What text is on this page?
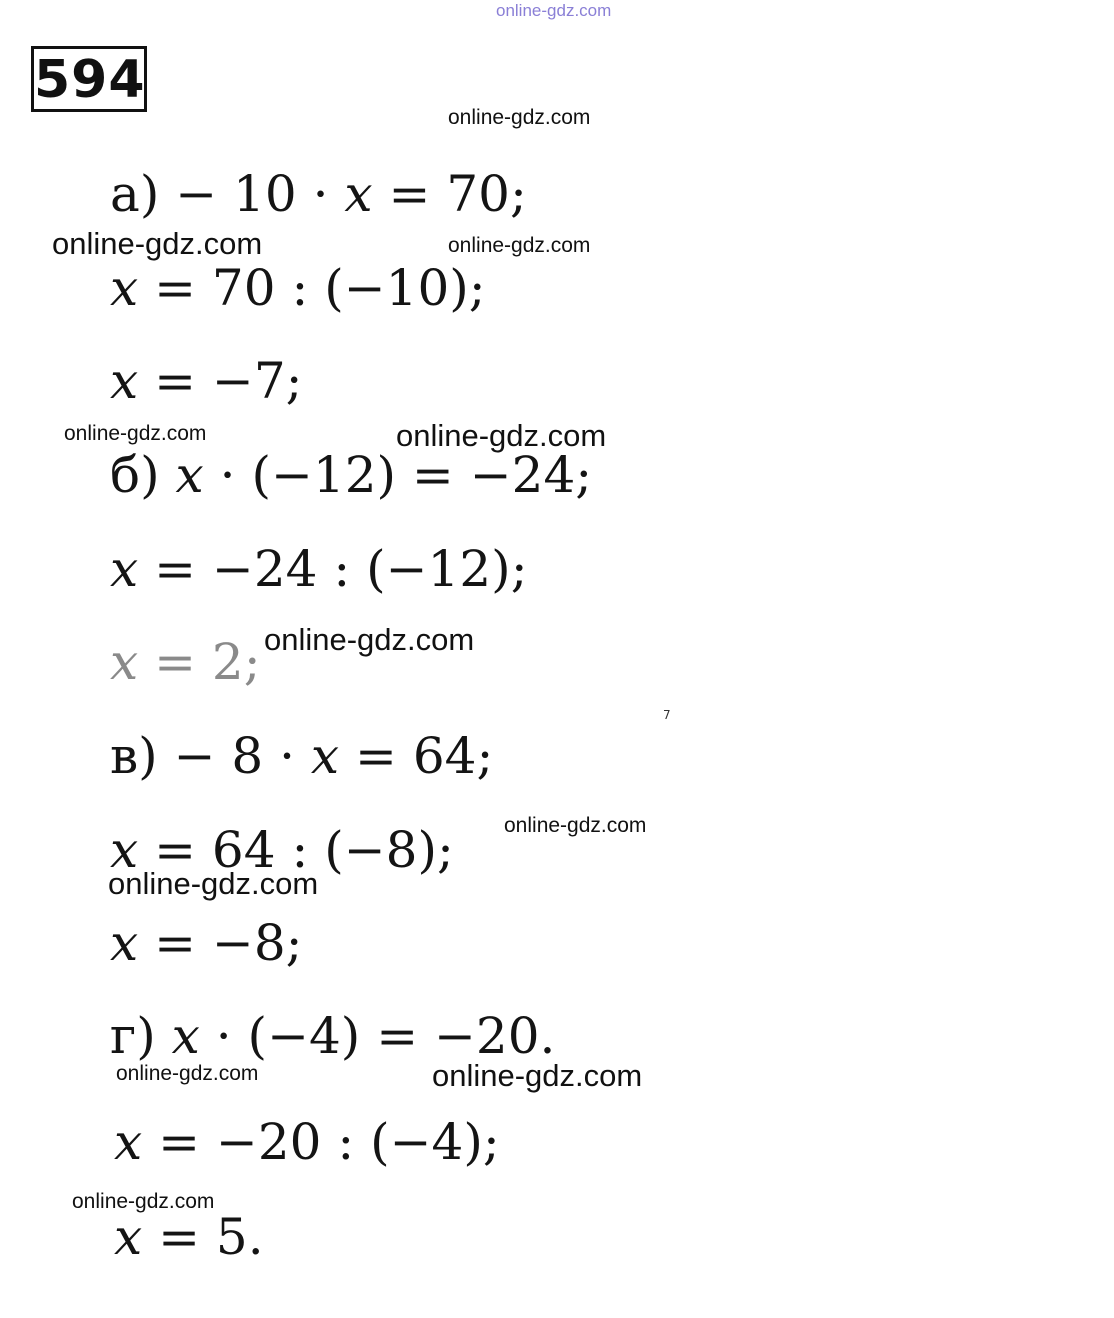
online-gdz.com
594
а) − 10 · x = 70;
x = 70 : (−10);
x = −7;
б) x · (−12) = −24;
x = −24 : (−12);
x = 2;
в) − 8 · x = 64;
x = 64 : (−8);
x = −8;
г) x · (−4) = −20.
x = −20 : (−4);
x = 5.
online-gdz.com
online-gdz.com	online-gdz.com
online-gdz.com	online-gdz.com
online-gdz.com
online-gdz.com
online-gdz.com
online-gdz.com	online-gdz.com
online-gdz.com
7
